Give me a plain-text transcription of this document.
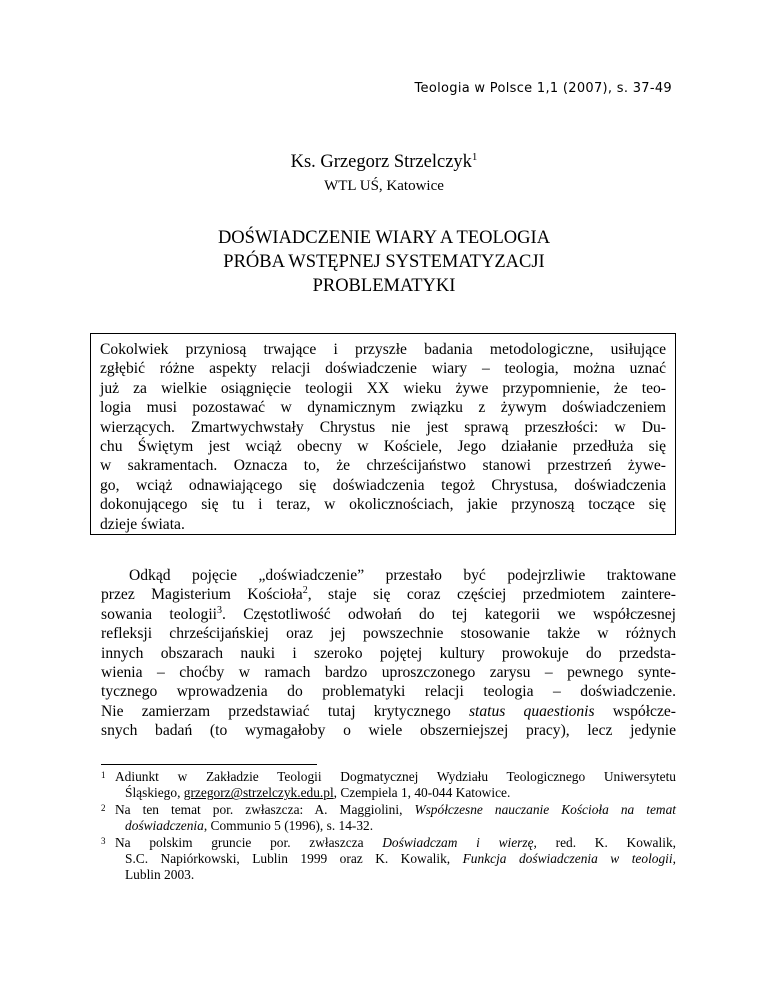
Teologia w Polsce 1,1 (2007), s. 37-49
Ks. Grzegorz Strzelczyk$^1$
WTL UŚ, Katowice
DOŚWIADCZENIE WIARY A TEOLOGIA
PRÓBA WSTĘPNEJ SYSTEMATYZACJI
PROBLEMATYKI
Cokolwiek przyniosą trwające i przyszłe badania metodologiczne, usiłujące
zgłębić różne aspekty relacji doświadczenie wiary – teologia, można uznać
już za wielkie osiągnięcie teologii XX wieku żywe przypomnienie, że teo-
logia musi pozostawać w dynamicznym związku z żywym doświadczeniem
wierzących. Zmartwychwstały Chrystus nie jest sprawą przeszłości: w Du-
chu Świętym jest wciąż obecny w Kościele, Jego działanie przedłuża się
w sakramentach. Oznacza to, że chrześcijaństwo stanowi przestrzeń żywe-
go, wciąż odnawiającego się doświadczenia tegoż Chrystusa, doświadczenia
dokonującego się tu i teraz, w okolicznościach, jakie przynoszą toczące się
dzieje świata.
Odkąd pojęcie „doświadczenie” przestało być podejrzliwie traktowane
przez Magisterium Kościoła$^2$, staje się coraz częściej przedmiotem zaintere-
sowania teologii$^3$. Częstotliwość odwołań do tej kategorii we współczesnej
refleksji chrześcijańskiej oraz jej powszechnie stosowanie także w różnych
innych obszarach nauki i szeroko pojętej kultury prowokuje do przedsta-
wienia – choćby w ramach bardzo uproszczonego zarysu – pewnego synte-
tycznego wprowadzenia do problematyki relacji teologia – doświadczenie.
Nie zamierzam przedstawiać tutaj krytycznego status quaestionis współcze-
snych badań (to wymagałoby o wiele obszerniejszej pracy), lecz jedynie
1 Adiunkt w Zakładzie Teologii Dogmatycznej Wydziału Teologicznego Uniwersytetu
Śląskiego, grzegorz@strzelczyk.edu.pl, Czempiela 1, 40-044 Katowice.
2 Na ten temat por. zwłaszcza: A. Maggiolini, Współczesne nauczanie Kościoła na temat
doświadczenia, Communio 5 (1996), s. 14-32.
3 Na polskim gruncie por. zwłaszcza Doświadczam i wierzę, red. K. Kowalik,
S.C. Napiórkowski, Lublin 1999 oraz K. Kowalik, Funkcja doświadczenia w teologii,
Lublin 2003.
